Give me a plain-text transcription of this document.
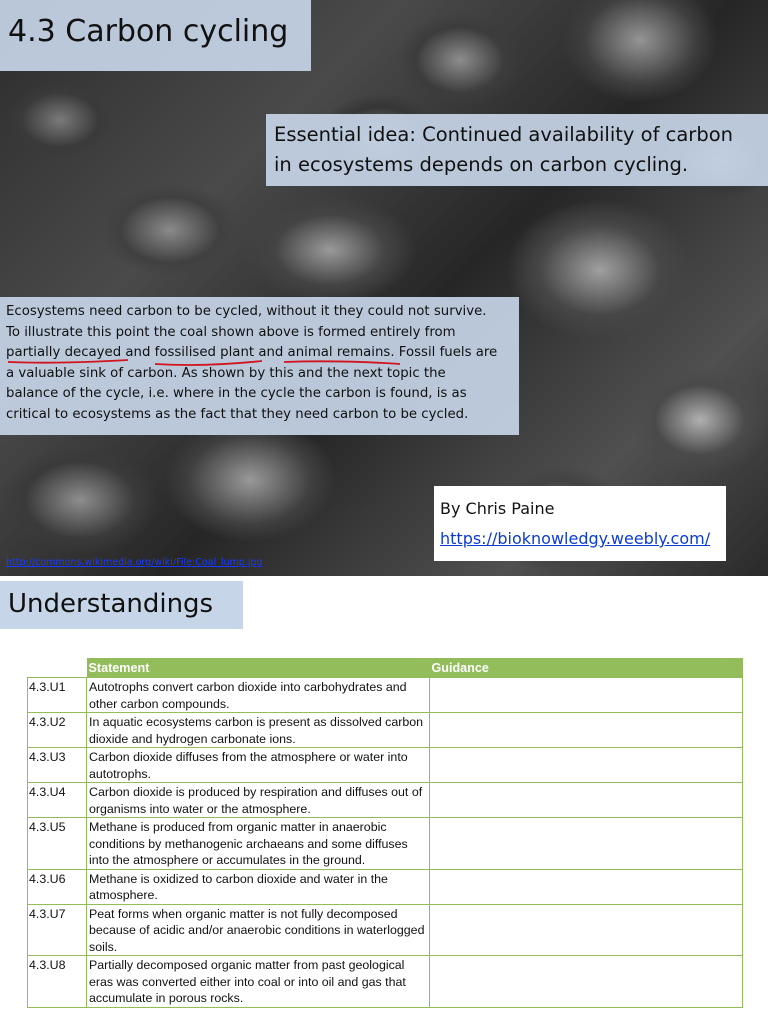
4.3 Carbon cycling
Essential idea: Continued availability of carbon
in ecosystems depends on carbon cycling.
Ecosystems need carbon to be cycled, without it they could not survive.
To illustrate this point the coal shown above is formed entirely from
partially decayed and fossilised plant and animal remains. Fossil fuels are
a valuable sink of carbon. As shown by this and the next topic the
balance of the cycle, i.e. where in the cycle the carbon is found, is as
critical to ecosystems as the fact that they need carbon to be cycled.
By Chris Paine
https://bioknowledgy.weebly.com/
http://commons.wikimedia.org/wiki/File:Coal_lump.jpg
Understandings
	Statement	Guidance
4.3.U1	Autotrophs convert carbon dioxide into carbohydrates and other carbon compounds.	
4.3.U2	In aquatic ecosystems carbon is present as dissolved carbon dioxide and hydrogen carbonate ions.	
4.3.U3	Carbon dioxide diffuses from the atmosphere or water into autotrophs.	
4.3.U4	Carbon dioxide is produced by respiration and diffuses out of organisms into water or the atmosphere.	
4.3.U5	Methane is produced from organic matter in anaerobic conditions by methanogenic archaeans and some diffuses into the atmosphere or accumulates in the ground.	
4.3.U6	Methane is oxidized to carbon dioxide and water in the atmosphere.	
4.3.U7	Peat forms when organic matter is not fully decomposed because of acidic and/or anaerobic conditions in waterlogged soils.	
4.3.U8	Partially decomposed organic matter from past geological eras was converted either into coal or into oil and gas that accumulate in porous rocks.	
